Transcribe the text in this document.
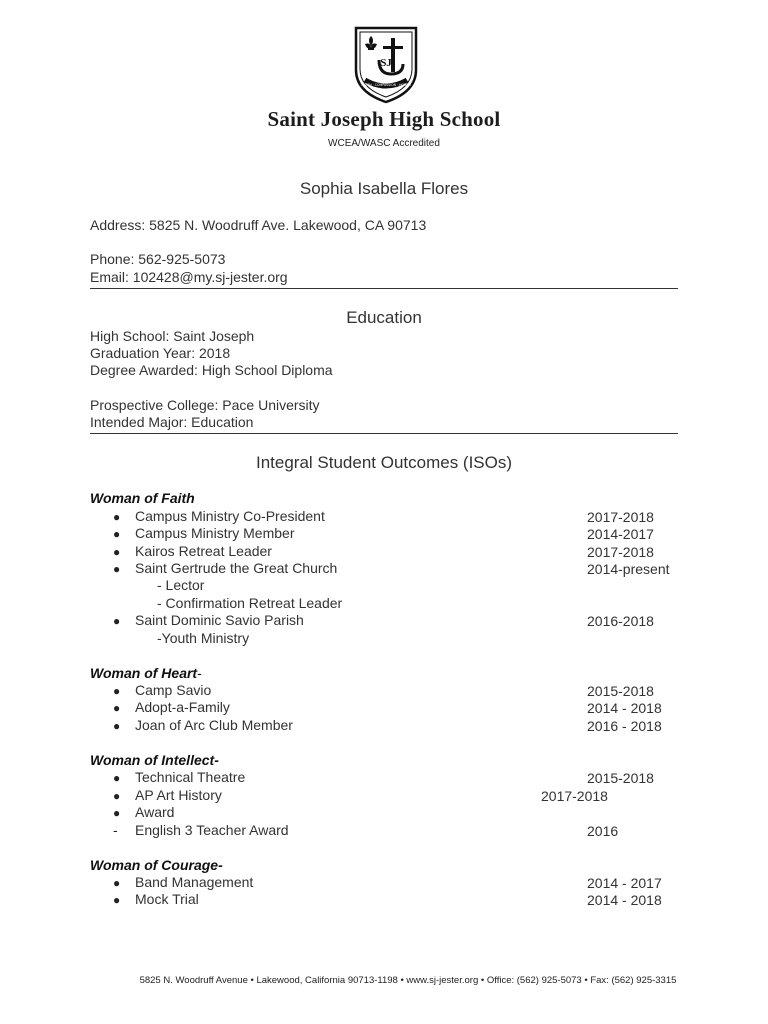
SJ
TRUTH · COMPASSION · HONOR
Saint Joseph High School
WCEA/WASC Accredited
Sophia Isabella Flores
Address: 5825 N. Woodruff Ave. Lakewood, CA 90713
Phone: 562-925-5073
Email: 102428@my.sj-jester.org
Education
High School: Saint Joseph
Graduation Year: 2018
Degree Awarded: High School Diploma
Prospective College: Pace University
Intended Major: Education
Integral Student Outcomes (ISOs)
Woman of Faith
● Campus Ministry Co-President	2017-2018
● Campus Ministry Member	2014-2017
● Kairos Retreat Leader	2017-2018
● Saint Gertrude the Great Church	2014-present
- Lector
- Confirmation Retreat Leader
● Saint Dominic Savio Parish	2016-2018
-Youth Ministry
Woman of Heart-
● Camp Savio	2015-2018
● Adopt-a-Family	2014 - 2018
● Joan of Arc Club Member	2016 - 2018
Woman of Intellect-
● Technical Theatre	2015-2018
● AP Art History	2017-2018
● Award
- English 3 Teacher Award	2016
Woman of Courage-
● Band Management	2014 - 2017
● Mock Trial	2014 - 2018
5825 N. Woodruff Avenue • Lakewood, California 90713-1198 • www.sj-jester.org • Office: (562) 925-5073 • Fax: (562) 925-3315
